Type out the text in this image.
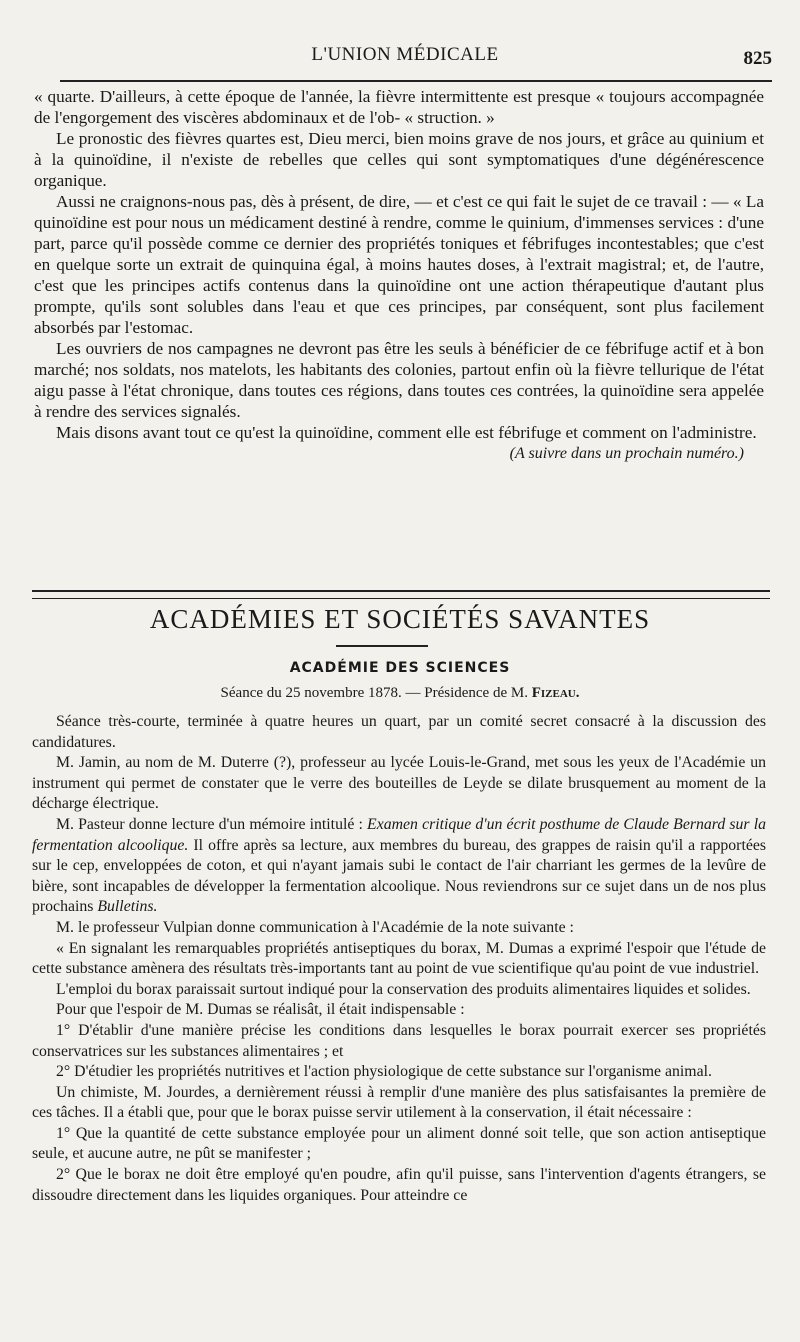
L'UNION MÉDICALE	825

« quarte. D'ailleurs, à cette époque de l'année, la fièvre intermittente est presque « toujours accompagnée de l'engorgement des viscères abdominaux et de l'ob- « struction. »

Le pronostic des fièvres quartes est, Dieu merci, bien moins grave de nos jours, et grâce au quinium et à la quinoïdine, il n'existe de rebelles que celles qui sont symptomatiques d'une dégénérescence organique.

Aussi ne craignons-nous pas, dès à présent, de dire, — et c'est ce qui fait le sujet de ce travail : — « La quinoïdine est pour nous un médicament destiné à rendre, comme le quinium, d'immenses services : d'une part, parce qu'il possède comme ce dernier des propriétés toniques et fébrifuges incontestables; que c'est en quelque sorte un extrait de quinquina égal, à moins hautes doses, à l'extrait magistral; et, de l'autre, c'est que les principes actifs contenus dans la quinoïdine ont une action thérapeutique d'autant plus prompte, qu'ils sont solubles dans l'eau et que ces principes, par conséquent, sont plus facilement absorbés par l'estomac.

Les ouvriers de nos campagnes ne devront pas être les seuls à bénéficier de ce fébrifuge actif et à bon marché; nos soldats, nos matelots, les habitants des colonies, partout enfin où la fièvre tellurique de l'état aigu passe à l'état chronique, dans toutes ces régions, dans toutes ces contrées, la quinoïdine sera appelée à rendre des services signalés.

Mais disons avant tout ce qu'est la quinoïdine, comment elle est fébrifuge et comment on l'administre.

(A suivre dans un prochain numéro.)

ACADÉMIES ET SOCIÉTÉS SAVANTES
ACADÉMIE DES SCIENCES
Séance du 25 novembre 1878. — Présidence de M. Fizeau.

Séance très-courte, terminée à quatre heures un quart, par un comité secret consacré à la discussion des candidatures.

M. Jamin, au nom de M. Duterre (?), professeur au lycée Louis-le-Grand, met sous les yeux de l'Académie un instrument qui permet de constater que le verre des bouteilles de Leyde se dilate brusquement au moment de la décharge électrique.

M. Pasteur donne lecture d'un mémoire intitulé : Examen critique d'un écrit posthume de Claude Bernard sur la fermentation alcoolique. Il offre après sa lecture, aux membres du bureau, des grappes de raisin qu'il a rapportées sur le cep, enveloppées de coton, et qui n'ayant jamais subi le contact de l'air charriant les germes de la levûre de bière, sont incapables de développer la fermentation alcoolique. Nous reviendrons sur ce sujet dans un de nos plus prochains Bulletins.

M. le professeur Vulpian donne communication à l'Académie de la note suivante :

« En signalant les remarquables propriétés antiseptiques du borax, M. Dumas a exprimé l'espoir que l'étude de cette substance amènera des résultats très-importants tant au point de vue scientifique qu'au point de vue industriel.

L'emploi du borax paraissait surtout indiqué pour la conservation des produits alimentaires liquides et solides.

Pour que l'espoir de M. Dumas se réalisât, il était indispensable :

1° D'établir d'une manière précise les conditions dans lesquelles le borax pourrait exercer ses propriétés conservatrices sur les substances alimentaires ; et

2° D'étudier les propriétés nutritives et l'action physiologique de cette substance sur l'organisme animal.

Un chimiste, M. Jourdes, a dernièrement réussi à remplir d'une manière des plus satisfaisantes la première de ces tâches. Il a établi que, pour que le borax puisse servir utilement à la conservation, il était nécessaire :

1° Que la quantité de cette substance employée pour un aliment donné soit telle, que son action antiseptique seule, et aucune autre, ne pût se manifester ;

2° Que le borax ne doit être employé qu'en poudre, afin qu'il puisse, sans l'intervention d'agents étrangers, se dissoudre directement dans les liquides organiques. Pour atteindre ce
